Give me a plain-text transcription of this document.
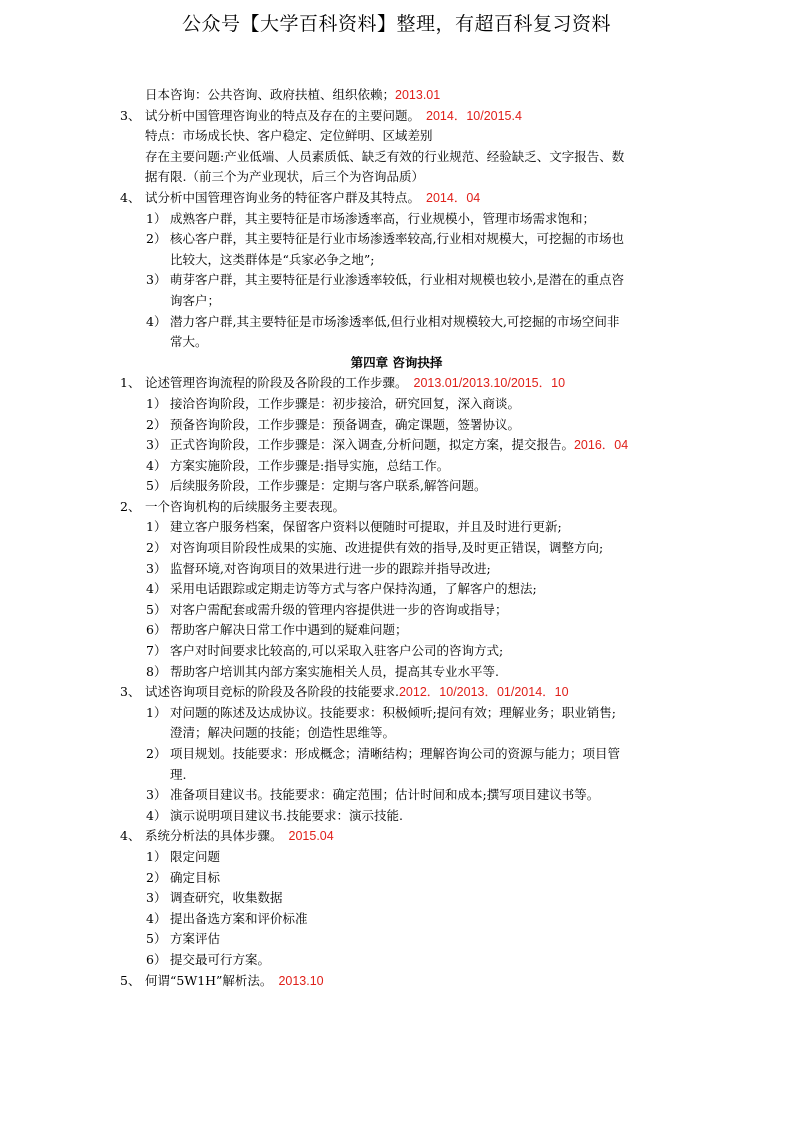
公众号【大学百科资料】整理，有超百科复习资料
日本咨询：公共咨询、政府扶植、组织依赖；2013.01
3、 试分析中国管理咨询业的特点及存在的主要问题。 2014．10/2015.4
特点：市场成长快、客户稳定、定位鲜明、区域差别
存在主要问题:产业低端、人员素质低、缺乏有效的行业规范、经验缺乏、文字报告、数
据有限.（前三个为产业现状，后三个为咨询品质）
4、 试分析中国管理咨询业务的特征客户群及其特点。 2014．04
1） 成熟客户群，其主要特征是市场渗透率高，行业规模小，管理市场需求饱和；
2） 核心客户群，其主要特征是行业市场渗透率较高,行业相对规模大，可挖掘的市场也
比较大，这类群体是“兵家必争之地”;
3） 萌芽客户群，其主要特征是行业渗透率较低，行业相对规模也较小,是潜在的重点咨
询客户；
4） 潜力客户群,其主要特征是市场渗透率低,但行业相对规模较大,可挖掘的市场空间非
常大。
第四章 咨询抉择
1、 论述管理咨询流程的阶段及各阶段的工作步骤。 2013.01/2013.10/2015．10
1） 接洽咨询阶段，工作步骤是：初步接洽，研究回复，深入商谈。
2） 预备咨询阶段，工作步骤是：预备调查，确定课题，签署协议。
3） 正式咨询阶段，工作步骤是：深入调查,分析问题，拟定方案，提交报告。2016．04
4） 方案实施阶段，工作步骤是:指导实施，总结工作。
5） 后续服务阶段，工作步骤是：定期与客户联系,解答问题。
2、 一个咨询机构的后续服务主要表现。
1） 建立客户服务档案，保留客户资料以便随时可提取，并且及时进行更新;
2） 对咨询项目阶段性成果的实施、改进提供有效的指导,及时更正错误，调整方向;
3） 监督环境,对咨询项目的效果进行进一步的跟踪并指导改进;
4） 采用电话跟踪或定期走访等方式与客户保持沟通，了解客户的想法;
5） 对客户需配套或需升级的管理内容提供进一步的咨询或指导；
6） 帮助客户解决日常工作中遇到的疑难问题；
7） 客户对时间要求比较高的,可以采取入驻客户公司的咨询方式;
8） 帮助客户培训其内部方案实施相关人员，提高其专业水平等.
3、 试述咨询项目竞标的阶段及各阶段的技能要求.2012．10/2013．01/2014．10
1） 对问题的陈述及达成协议。技能要求：积极倾听;提问有效；理解业务；职业销售;
澄清；解决问题的技能；创造性思维等。
2） 项目规划。技能要求：形成概念；清晰结构；理解咨询公司的资源与能力；项目管
理.
3） 准备项目建议书。技能要求：确定范围；估计时间和成本;撰写项目建议书等。
4） 演示说明项目建议书.技能要求：演示技能.
4、 系统分析法的具体步骤。 2015.04
1） 限定问题
2） 确定目标
3） 调查研究，收集数据
4） 提出备选方案和评价标准
5） 方案评估
6） 提交最可行方案。
5、 何谓“5W1H”解析法。 2013.10
